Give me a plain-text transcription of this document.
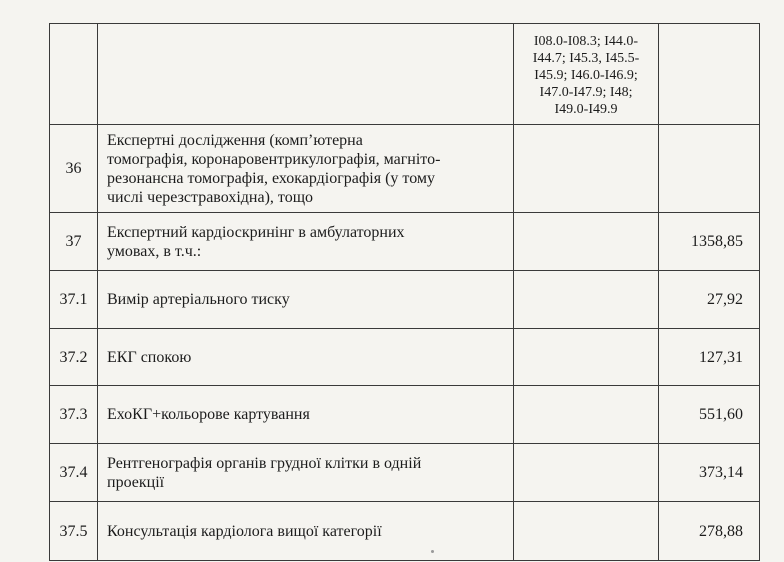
		I08.0-I08.3; I44.0-
I44.7; I45.3, I45.5-
I45.9; I46.0-I46.9;
I47.0-I47.9; I48;
I49.0-I49.9	

36	Експертні дослідження (комп’ютерна
томографія, коронаровентрикулографія, магніто-
резонансна томографія, ехокардіографія (у тому
числі черезстравохідна), тощо		

37	Експертний кардіоскринінг в амбулаторних
умовах, в т.ч.:		1358,85
37.1	Вимір артеріального тиску		27,92
37.2	ЕКГ спокою		127,31
37.3	ЕхоКГ+кольорове картування		551,60
37.4	Рентгенографія органів грудної клітки в одній
проекції		373,14
37.5	Консультація кардіолога вищої категорії		278,88
